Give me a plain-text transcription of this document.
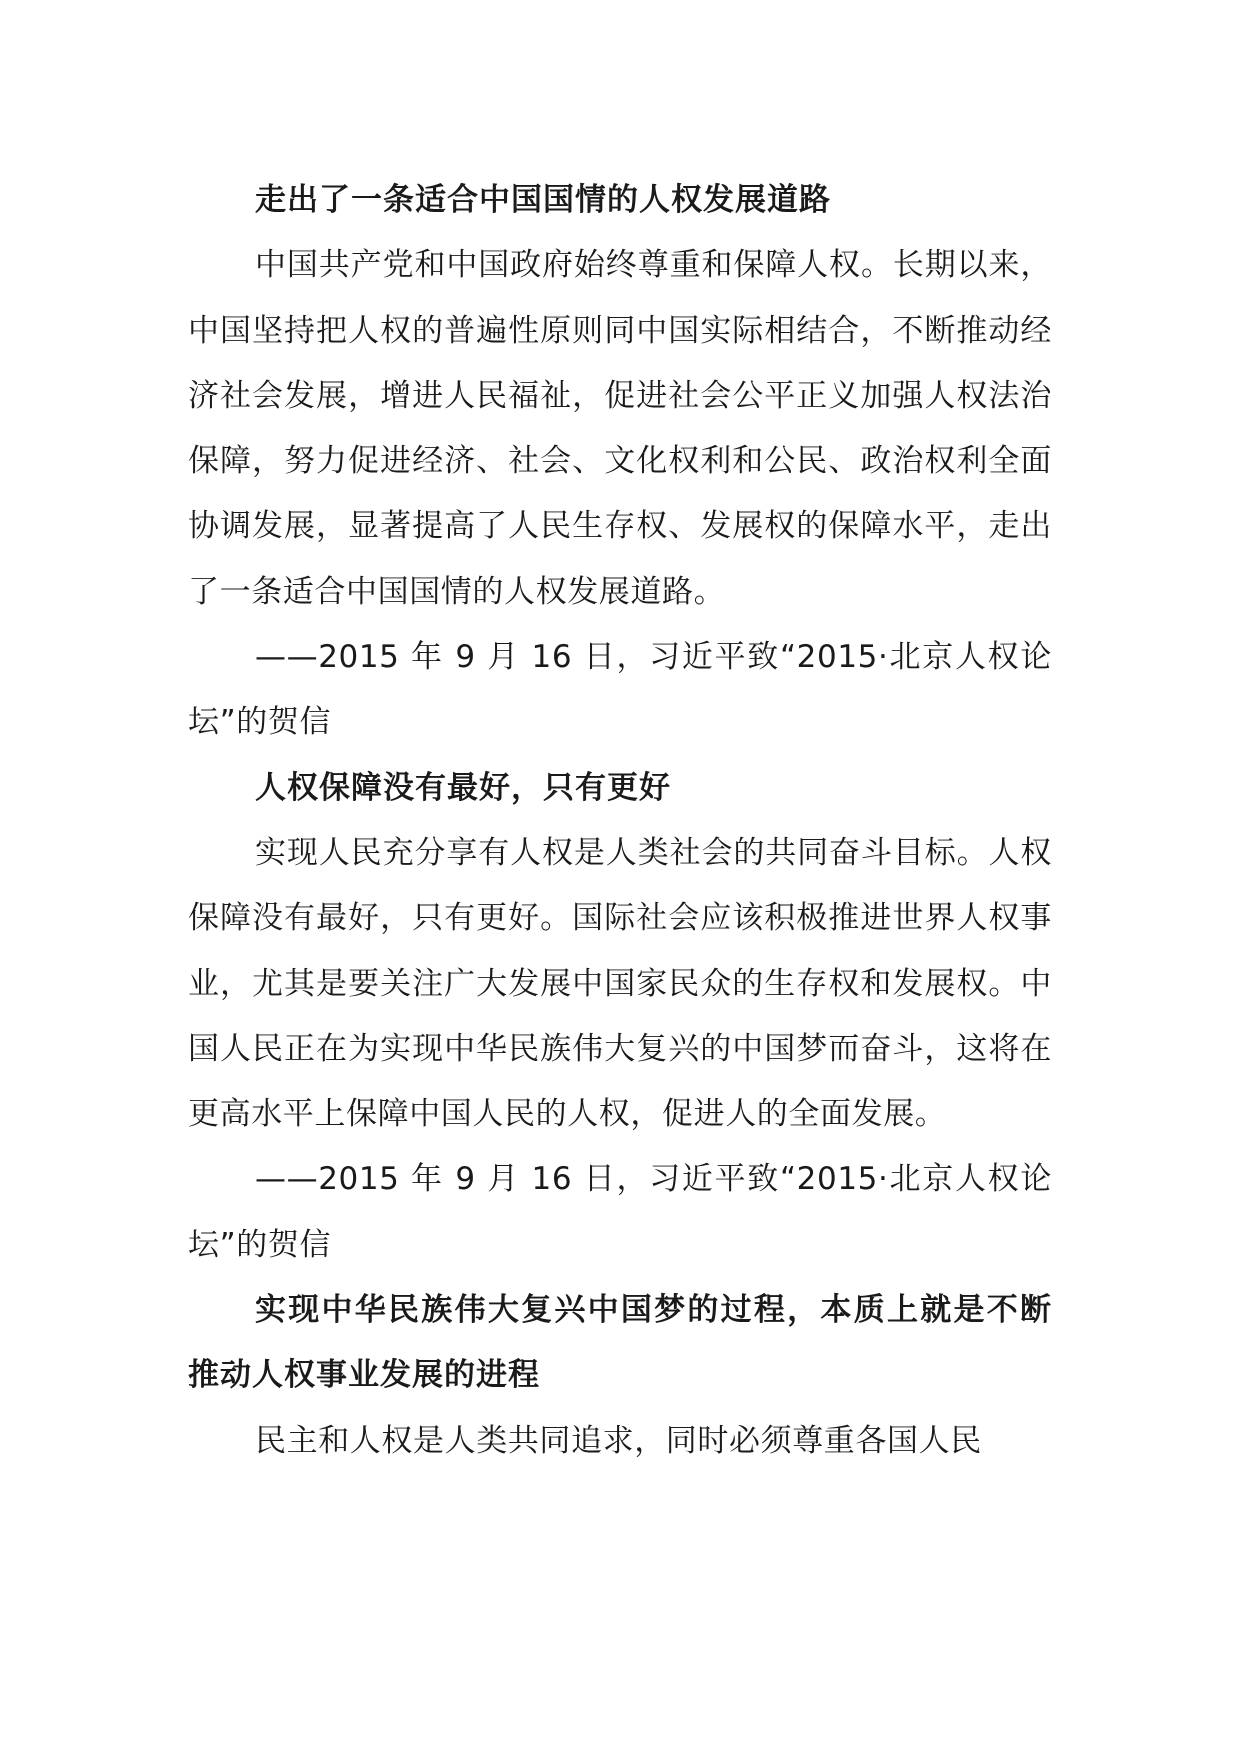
走出了一条适合中国国情的人权发展道路

中国共产党和中国政府始终尊重和保障人权。长期以来，中国坚持把人权的普遍性原则同中国实际相结合，不断推动经济社会发展，增进人民福祉，促进社会公平正义加强人权法治保障，努力促进经济、社会、文化权利和公民、政治权利全面协调发展，显著提高了人民生存权、发展权的保障水平，走出了一条适合中国国情的人权发展道路。

——2015 年 9 月 16 日，习近平致“2015·北京人权论坛”的贺信

人权保障没有最好，只有更好

实现人民充分享有人权是人类社会的共同奋斗目标。人权保障没有最好，只有更好。国际社会应该积极推进世界人权事业，尤其是要关注广大发展中国家民众的生存权和发展权。中国人民正在为实现中华民族伟大复兴的中国梦而奋斗，这将在更高水平上保障中国人民的人权，促进人的全面发展。

——2015 年 9 月 16 日，习近平致“2015·北京人权论坛”的贺信

实现中华民族伟大复兴中国梦的过程，本质上就是不断推动人权事业发展的进程

民主和人权是人类共同追求，同时必须尊重各国人民
